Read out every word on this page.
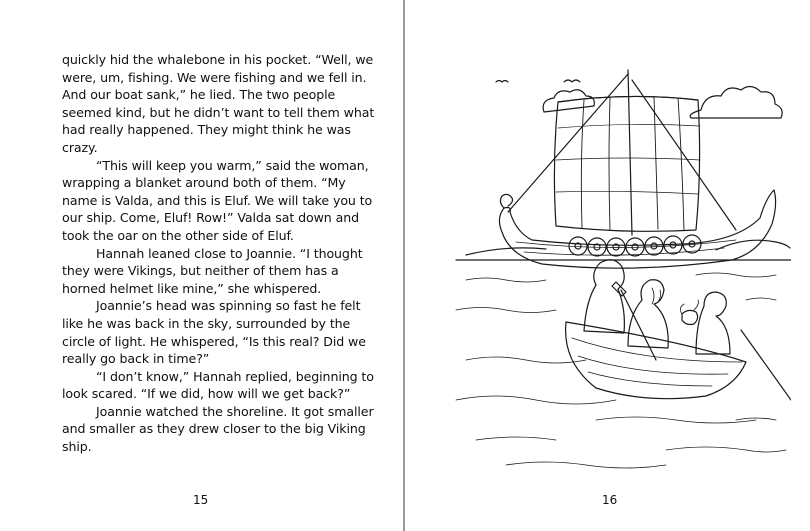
quickly hid the whalebone in his pocket. “Well, we were, um, fishing. We were fishing and we fell in. And our boat sank,” he lied. The two people seemed kind, but he didn’t want to tell them what had really happened. They might think he was crazy.

“This will keep you warm,” said the woman, wrapping a blanket around both of them. “My name is Valda, and this is Eluf. We will take you to our ship. Come, Eluf! Row!” Valda sat down and took the oar on the other side of Eluf.

Hannah leaned close to Joannie. “I thought they were Vikings, but neither of them has a horned helmet like mine,” she whispered.

Joannie’s head was spinning so fast he felt like he was back in the sky, surrounded by the circle of light. He whispered, “Is this real? Did we really go back in time?”

“I don’t know,” Hannah replied, beginning to look scared. “If we did, how will we get back?”

Joannie watched the shoreline. It got smaller and smaller as they drew closer to the big Viking ship.

15	16
